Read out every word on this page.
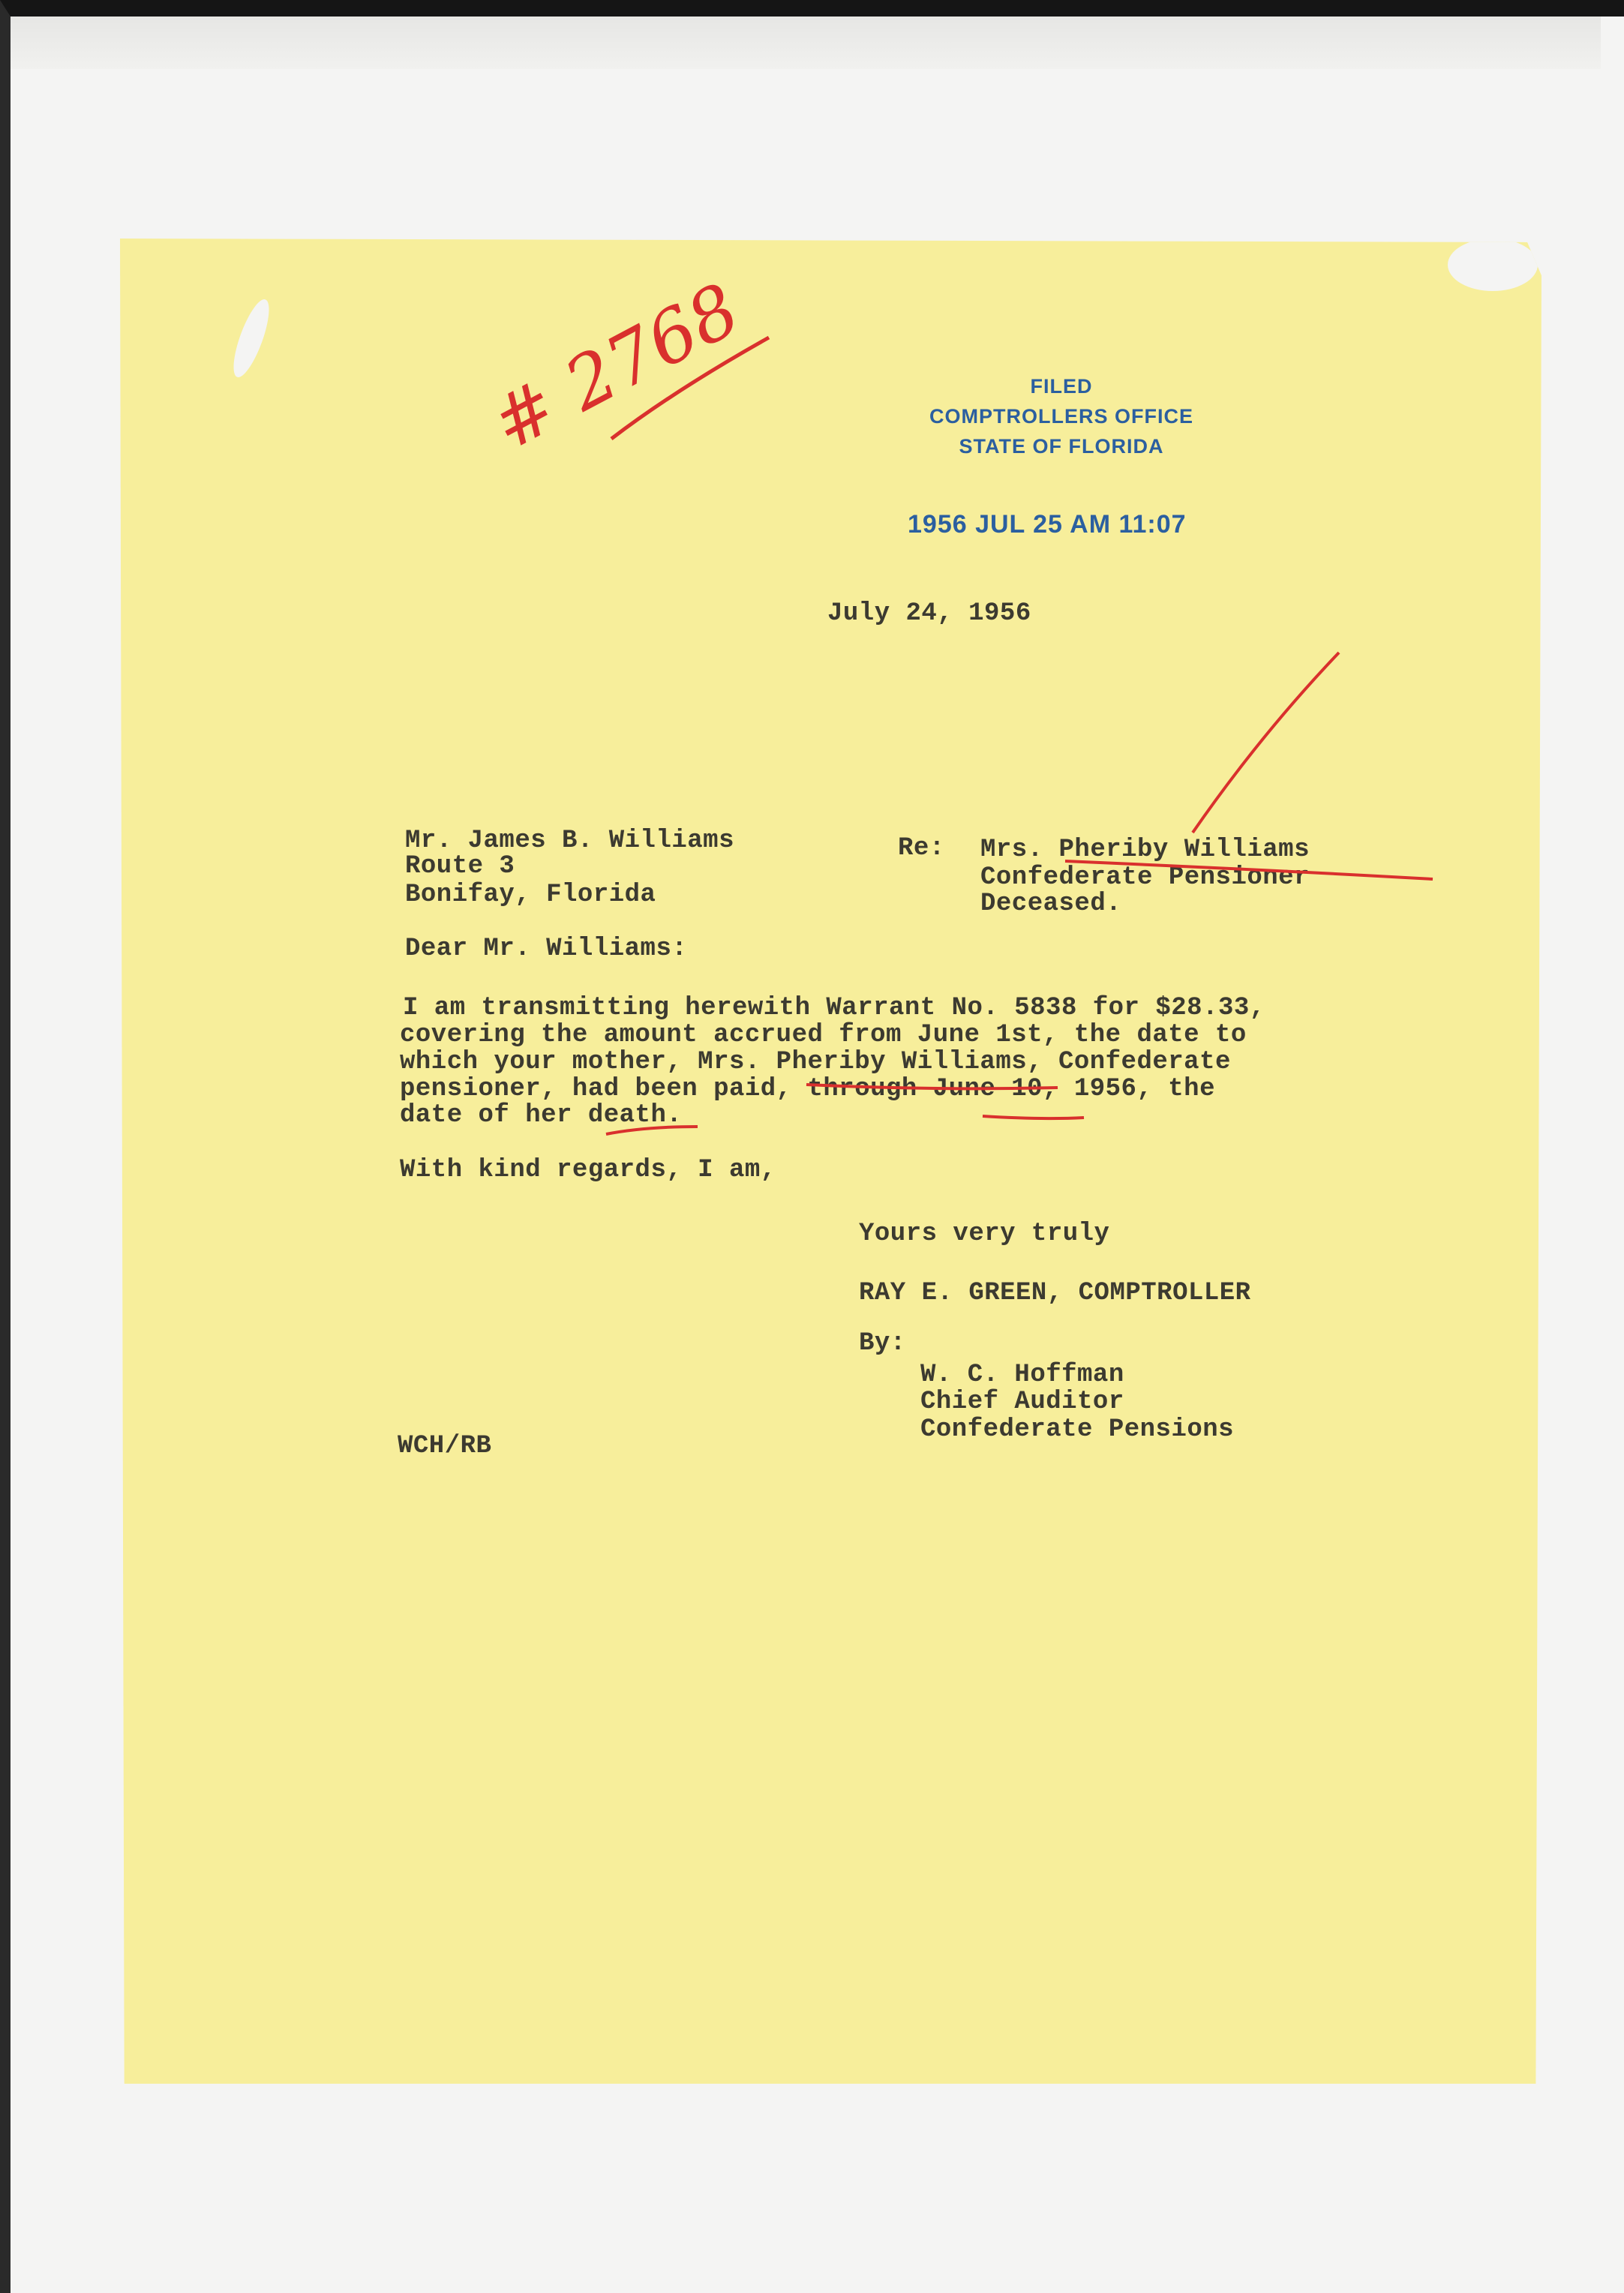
# 2768	FILED
COMPTROLLERS OFFICE
STATE OF FLORIDA
1956 JUL 25 AM 11:07
July 24, 1956
Mr. James B. Williams
Route 3
Bonifay, Florida
Re: Mrs. Pheriby Williams
Confederate Pensioner
Deceased.
Dear Mr. Williams:
I am transmitting herewith Warrant No. 5838 for $28.33,
covering the amount accrued from June 1st, the date to
which your mother, Mrs. Pheriby Williams, Confederate
pensioner, had been paid, through June 10, 1956, the
date of her death.
With kind regards, I am,
Yours very truly
RAY E. GREEN, COMPTROLLER
By:
W. C. Hoffman
Chief Auditor
Confederate Pensions
WCH/RB
